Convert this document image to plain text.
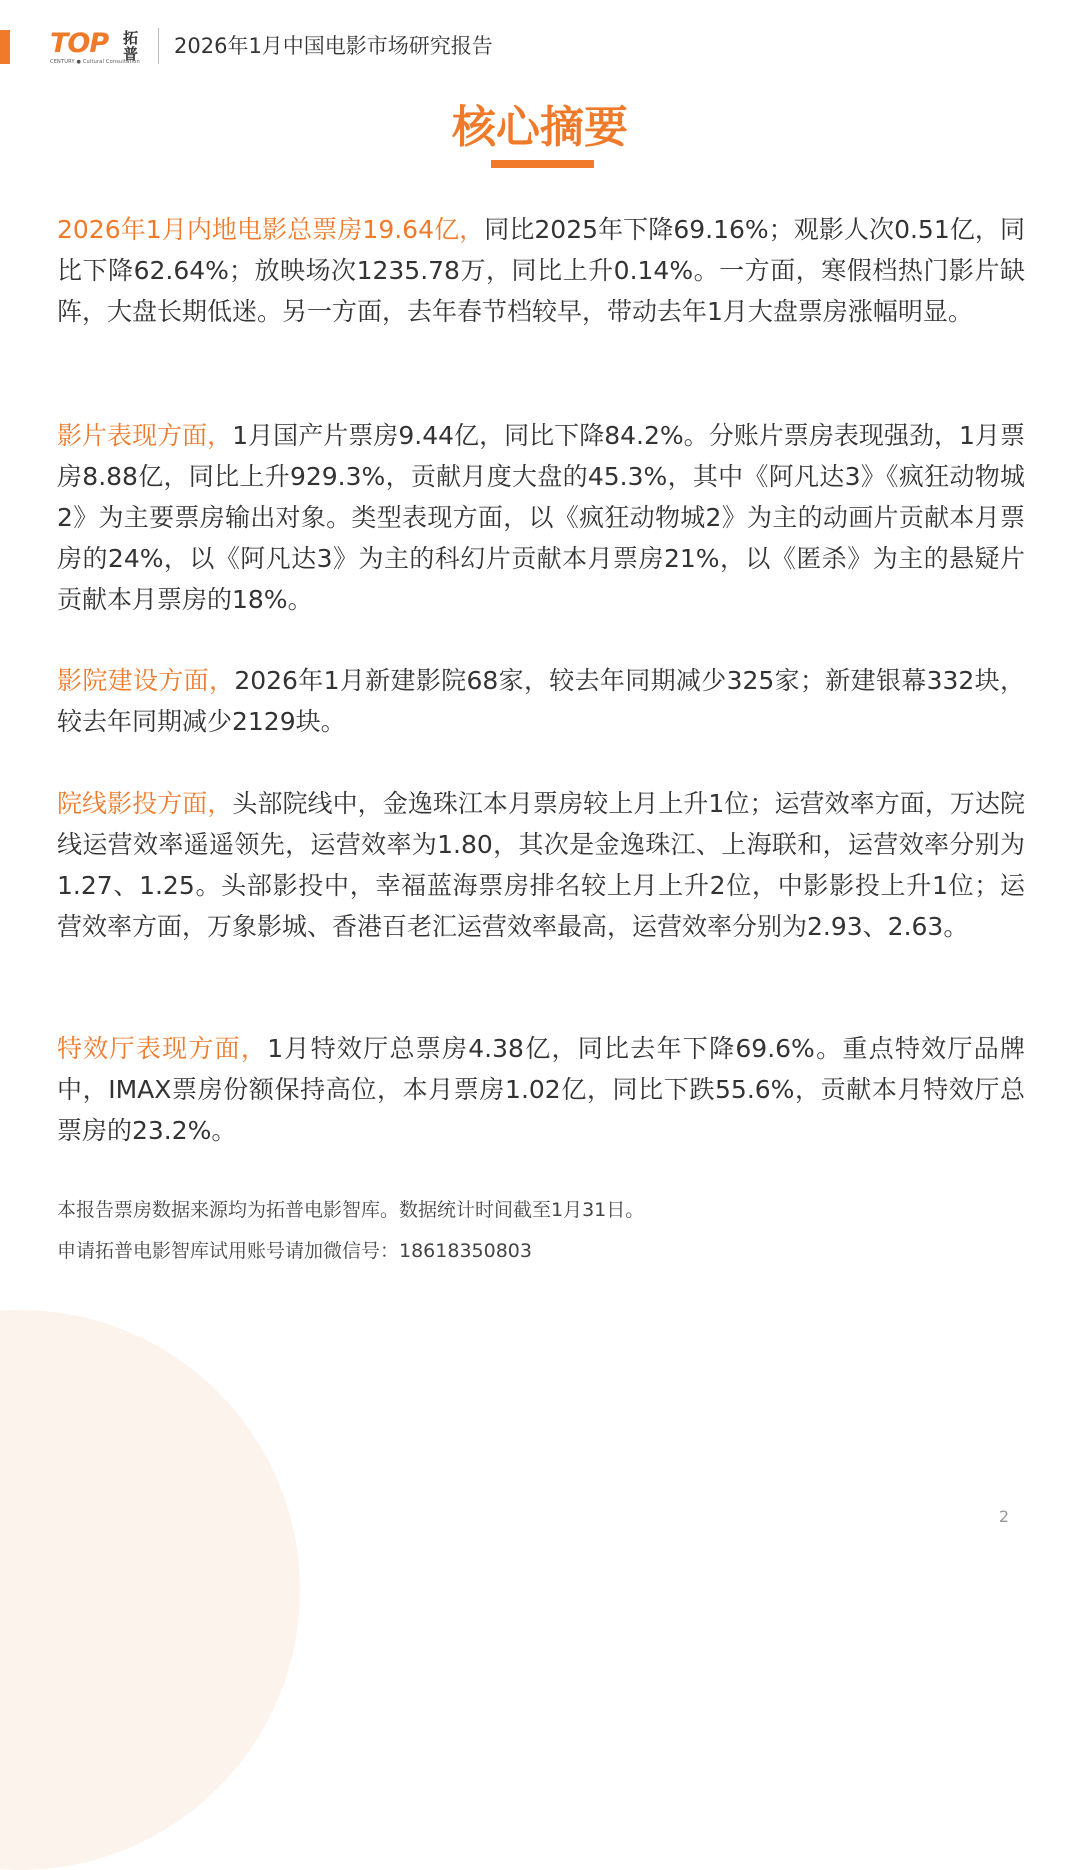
TOP
CENTURY ● Cultural Consultation
拓普	2026年1月中国电影市场研究报告
核心摘要
2026年1月内地电影总票房19.64亿，同比2025年下降69.16%；观影人次0.51亿，同比下降62.64%；放映场次1235.78万，同比上升0.14%。一方面，寒假档热门影片缺阵，大盘长期低迷。另一方面，去年春节档较早，带动去年1月大盘票房涨幅明显。
影片表现方面，1月国产片票房9.44亿，同比下降84.2%。分账片票房表现强劲，1月票房8.88亿，同比上升929.3%，贡献月度大盘的45.3%，其中《阿凡达3》《疯狂动物城2》为主要票房输出对象。类型表现方面，以《疯狂动物城2》为主的动画片贡献本月票房的24%，以《阿凡达3》为主的科幻片贡献本月票房21%，以《匿杀》为主的悬疑片贡献本月票房的18%。
影院建设方面，2026年1月新建影院68家，较去年同期减少325家；新建银幕332块，较去年同期减少2129块。
院线影投方面，头部院线中，金逸珠江本月票房较上月上升1位；运营效率方面，万达院线运营效率遥遥领先，运营效率为1.80，其次是金逸珠江、上海联和，运营效率分别为1.27、1.25。头部影投中，幸福蓝海票房排名较上月上升2位，中影影投上升1位；运营效率方面，万象影城、香港百老汇运营效率最高，运营效率分别为2.93、2.63。
特效厅表现方面，1月特效厅总票房4.38亿，同比去年下降69.6%。重点特效厅品牌中，IMAX票房份额保持高位，本月票房1.02亿，同比下跌55.6%，贡献本月特效厅总票房的23.2%。
本报告票房数据来源均为拓普电影智库。数据统计时间截至1月31日。
申请拓普电影智库试用账号请加微信号：18618350803
2
